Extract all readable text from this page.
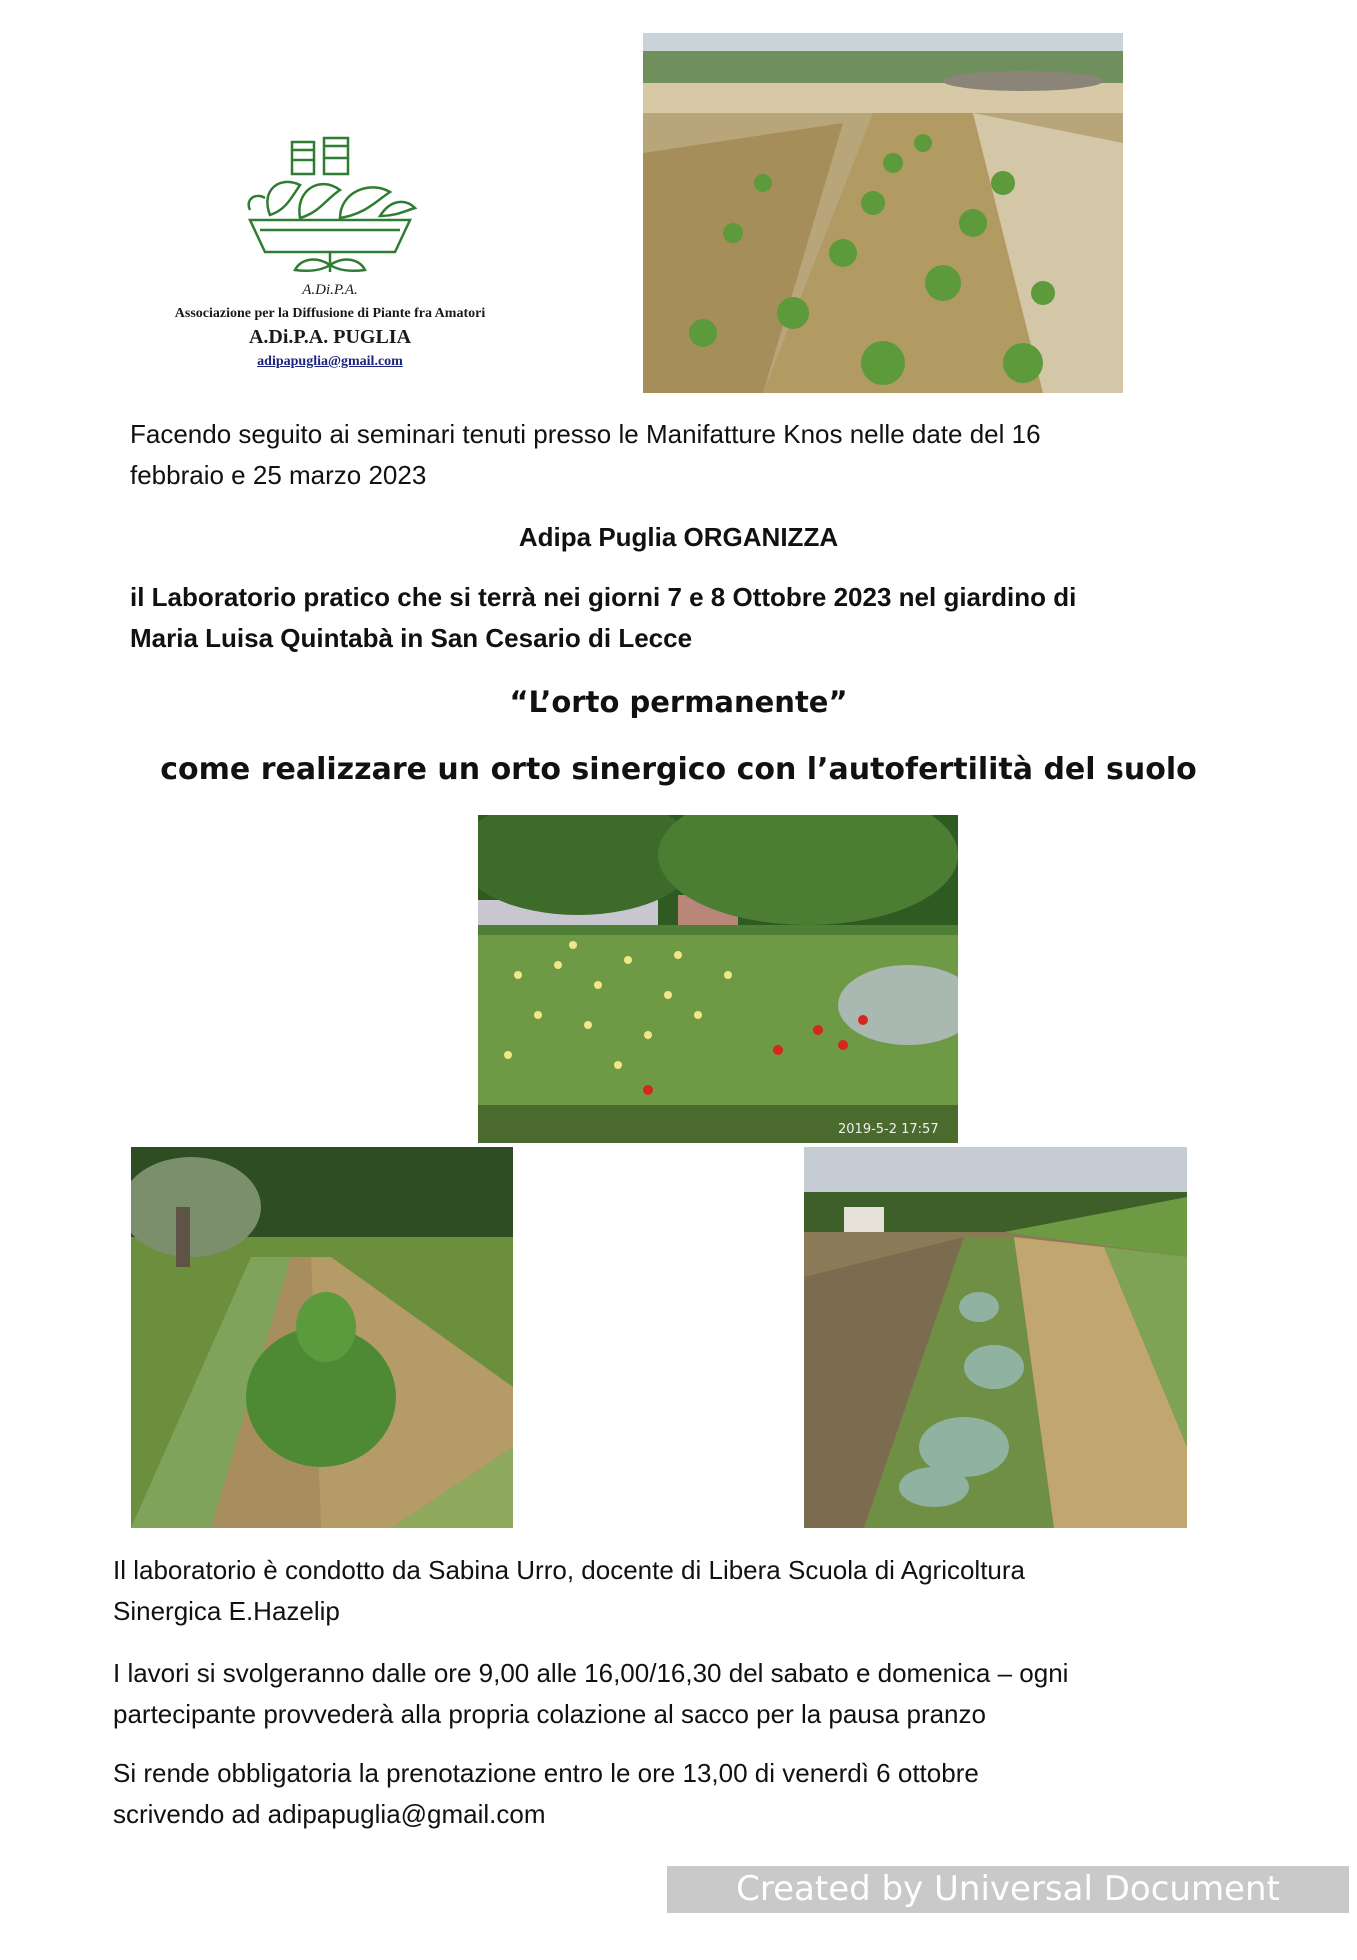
A.Di.P.A.
Associazione per la Diffusione di Piante fra Amatori
A.Di.P.A. PUGLIA
adipapuglia@gmail.com
Facendo seguito ai seminari tenuti presso le Manifatture Knos nelle date del 16
febbraio e 25 marzo 2023
Adipa Puglia ORGANIZZA
il Laboratorio pratico che si terrà nei giorni 7 e 8 Ottobre 2023 nel giardino di
Maria Luisa Quintabà in San Cesario di Lecce
“L’orto permanente”
come realizzare un orto sinergico con l’autofertilità del suolo
2019-5-2 17:57
Il laboratorio è condotto da Sabina Urro, docente di Libera Scuola di Agricoltura
Sinergica E.Hazelip
I lavori si svolgeranno dalle ore 9,00 alle 16,00/16,30 del sabato e domenica – ogni
partecipante provvederà alla propria colazione al sacco per la pausa pranzo
Si rende obbligatoria la prenotazione entro le ore 13,00 di venerdì 6 ottobre
scrivendo ad adipapuglia@gmail.com
Created by Universal Document Converter
